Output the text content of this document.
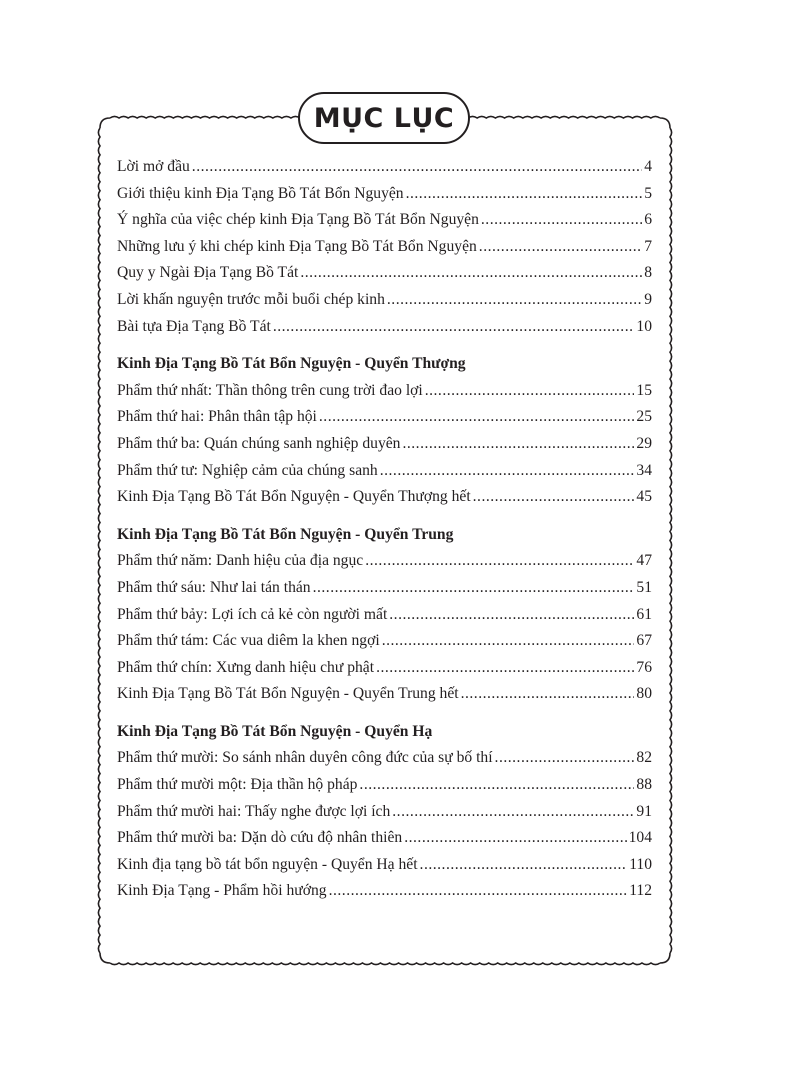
MỤC LỤC
Lời mở đầu .....	4
Giới thiệu kinh Địa Tạng Bồ Tát Bổn Nguyện .....	5
Ý nghĩa của việc chép kinh Địa Tạng Bồ Tát Bổn Nguyện .....	6
Những lưu ý khi chép kinh Địa Tạng Bồ Tát Bổn Nguyện .....	7
Quy y Ngài Địa Tạng Bồ Tát .....	8
Lời khấn nguyện trước mỗi buổi chép kinh .....	9
Bài tựa Địa Tạng Bồ Tát .....	10
Kinh Địa Tạng Bồ Tát Bổn Nguyện - Quyển Thượng
Phẩm thứ nhất: Thần thông trên cung trời đao lợi .....	15
Phẩm thứ hai: Phân thân tập hội .....	25
Phẩm thứ ba: Quán chúng sanh nghiệp duyên .....	29
Phẩm thứ tư: Nghiệp cảm của chúng sanh .....	34
Kinh Địa Tạng Bồ Tát Bổn Nguyện - Quyển Thượng hết .....	45
Kinh Địa Tạng Bồ Tát Bổn Nguyện - Quyển Trung
Phẩm thứ năm: Danh hiệu của địa ngục .....	47
Phẩm thứ sáu: Như lai tán thán .....	51
Phẩm thứ bảy: Lợi ích cả kẻ còn người mất .....	61
Phẩm thứ tám: Các vua diêm la khen ngợi .....	67
Phẩm thứ chín: Xưng danh hiệu chư phật .....	76
Kinh Địa Tạng Bồ Tát Bổn Nguyện - Quyển Trung hết .....	80
Kinh Địa Tạng Bồ Tát Bổn Nguyện - Quyển Hạ
Phẩm thứ mười: So sánh nhân duyên công đức của sự bố thí .....	82
Phẩm thứ mười một: Địa thần hộ pháp .....	88
Phẩm thứ mười hai: Thấy nghe được lợi ích .....	91
Phẩm thứ mười ba: Dặn dò cứu độ nhân thiên .....	104
Kinh địa tạng bồ tát bổn nguyện - Quyển Hạ hết .....	110
Kinh Địa Tạng - Phẩm hồi hướng .....	112
